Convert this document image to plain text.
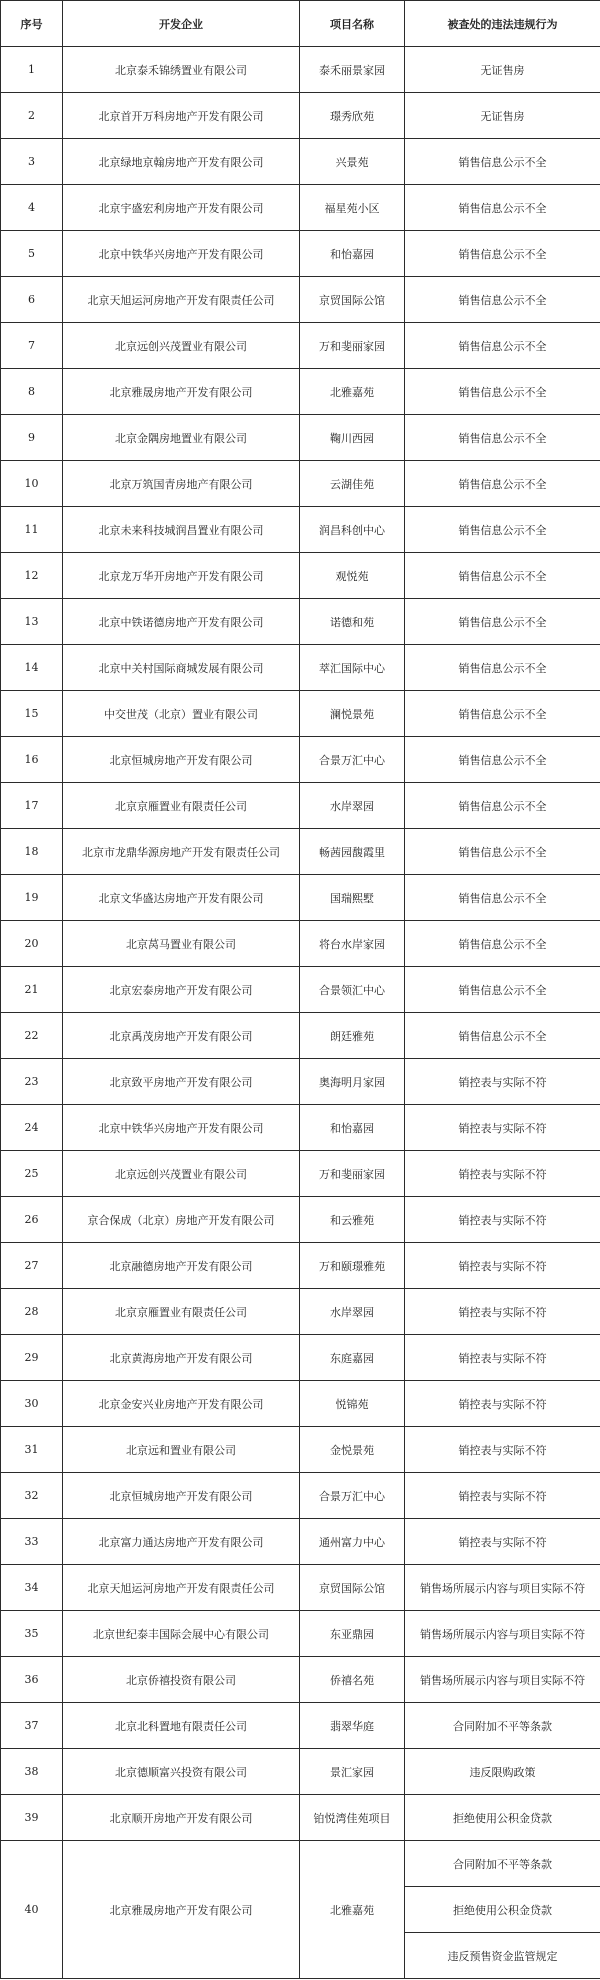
序号	开发企业	项目名称	被查处的违法违规行为
1	北京泰禾锦绣置业有限公司	泰禾丽景家园	无证售房
2	北京首开万科房地产开发有限公司	璟秀欣苑	无证售房
3	北京绿地京翰房地产开发有限公司	兴景苑	销售信息公示不全
4	北京宇盛宏利房地产开发有限公司	福星苑小区	销售信息公示不全
5	北京中铁华兴房地产开发有限公司	和怡嘉园	销售信息公示不全
6	北京天旭运河房地产开发有限责任公司	京贸国际公馆	销售信息公示不全
7	北京远创兴茂置业有限公司	万和斐丽家园	销售信息公示不全
8	北京雅晟房地产开发有限公司	北雅嘉苑	销售信息公示不全
9	北京金隅房地置业有限公司	鞠川西园	销售信息公示不全
10	北京万筑国青房地产有限公司	云湖佳苑	销售信息公示不全
11	北京未来科技城润昌置业有限公司	润昌科创中心	销售信息公示不全
12	北京龙万华开房地产开发有限公司	观悦苑	销售信息公示不全
13	北京中铁诺德房地产开发有限公司	诺德和苑	销售信息公示不全
14	北京中关村国际商城发展有限公司	萃汇国际中心	销售信息公示不全
15	中交世茂（北京）置业有限公司	澜悦景苑	销售信息公示不全
16	北京恒城房地产开发有限公司	合景万汇中心	销售信息公示不全
17	北京京雁置业有限责任公司	水岸翠园	销售信息公示不全
18	北京市龙鼎华源房地产开发有限责任公司	畅茜园馥霞里	销售信息公示不全
19	北京文华盛达房地产开发有限公司	国瑞熙墅	销售信息公示不全
20	北京莴马置业有限公司	将台水岸家园	销售信息公示不全
21	北京宏泰房地产开发有限公司	合景领汇中心	销售信息公示不全
22	北京禹茂房地产开发有限公司	朗廷雅苑	销售信息公示不全
23	北京致平房地产开发有限公司	奥海明月家园	销控表与实际不符
24	北京中铁华兴房地产开发有限公司	和怡嘉园	销控表与实际不符
25	北京远创兴茂置业有限公司	万和斐丽家园	销控表与实际不符
26	京合保成（北京）房地产开发有限公司	和云雅苑	销控表与实际不符
27	北京融德房地产开发有限公司	万和颐璟雅苑	销控表与实际不符
28	北京京雁置业有限责任公司	水岸翠园	销控表与实际不符
29	北京黄海房地产开发有限公司	东庭嘉园	销控表与实际不符
30	北京金安兴业房地产开发有限公司	悦锦苑	销控表与实际不符
31	北京远和置业有限公司	金悦景苑	销控表与实际不符
32	北京恒城房地产开发有限公司	合景万汇中心	销控表与实际不符
33	北京富力通达房地产开发有限公司	通州富力中心	销控表与实际不符
34	北京天旭运河房地产开发有限责任公司	京贸国际公馆	销售场所展示内容与项目实际不符
35	北京世纪泰丰国际会展中心有限公司	东亚鼎园	销售场所展示内容与项目实际不符
36	北京侨禧投资有限公司	侨禧名苑	销售场所展示内容与项目实际不符
37	北京北科置地有限责任公司	翡翠华庭	合同附加不平等条款
38	北京德顺富兴投资有限公司	景汇家园	违反限购政策
39	北京顺开房地产开发有限公司	铂悦湾佳苑项目	拒绝使用公积金贷款
40	北京雅晟房地产开发有限公司	北雅嘉苑	合同附加不平等条款
			拒绝使用公积金贷款
			违反预售资金监管规定
